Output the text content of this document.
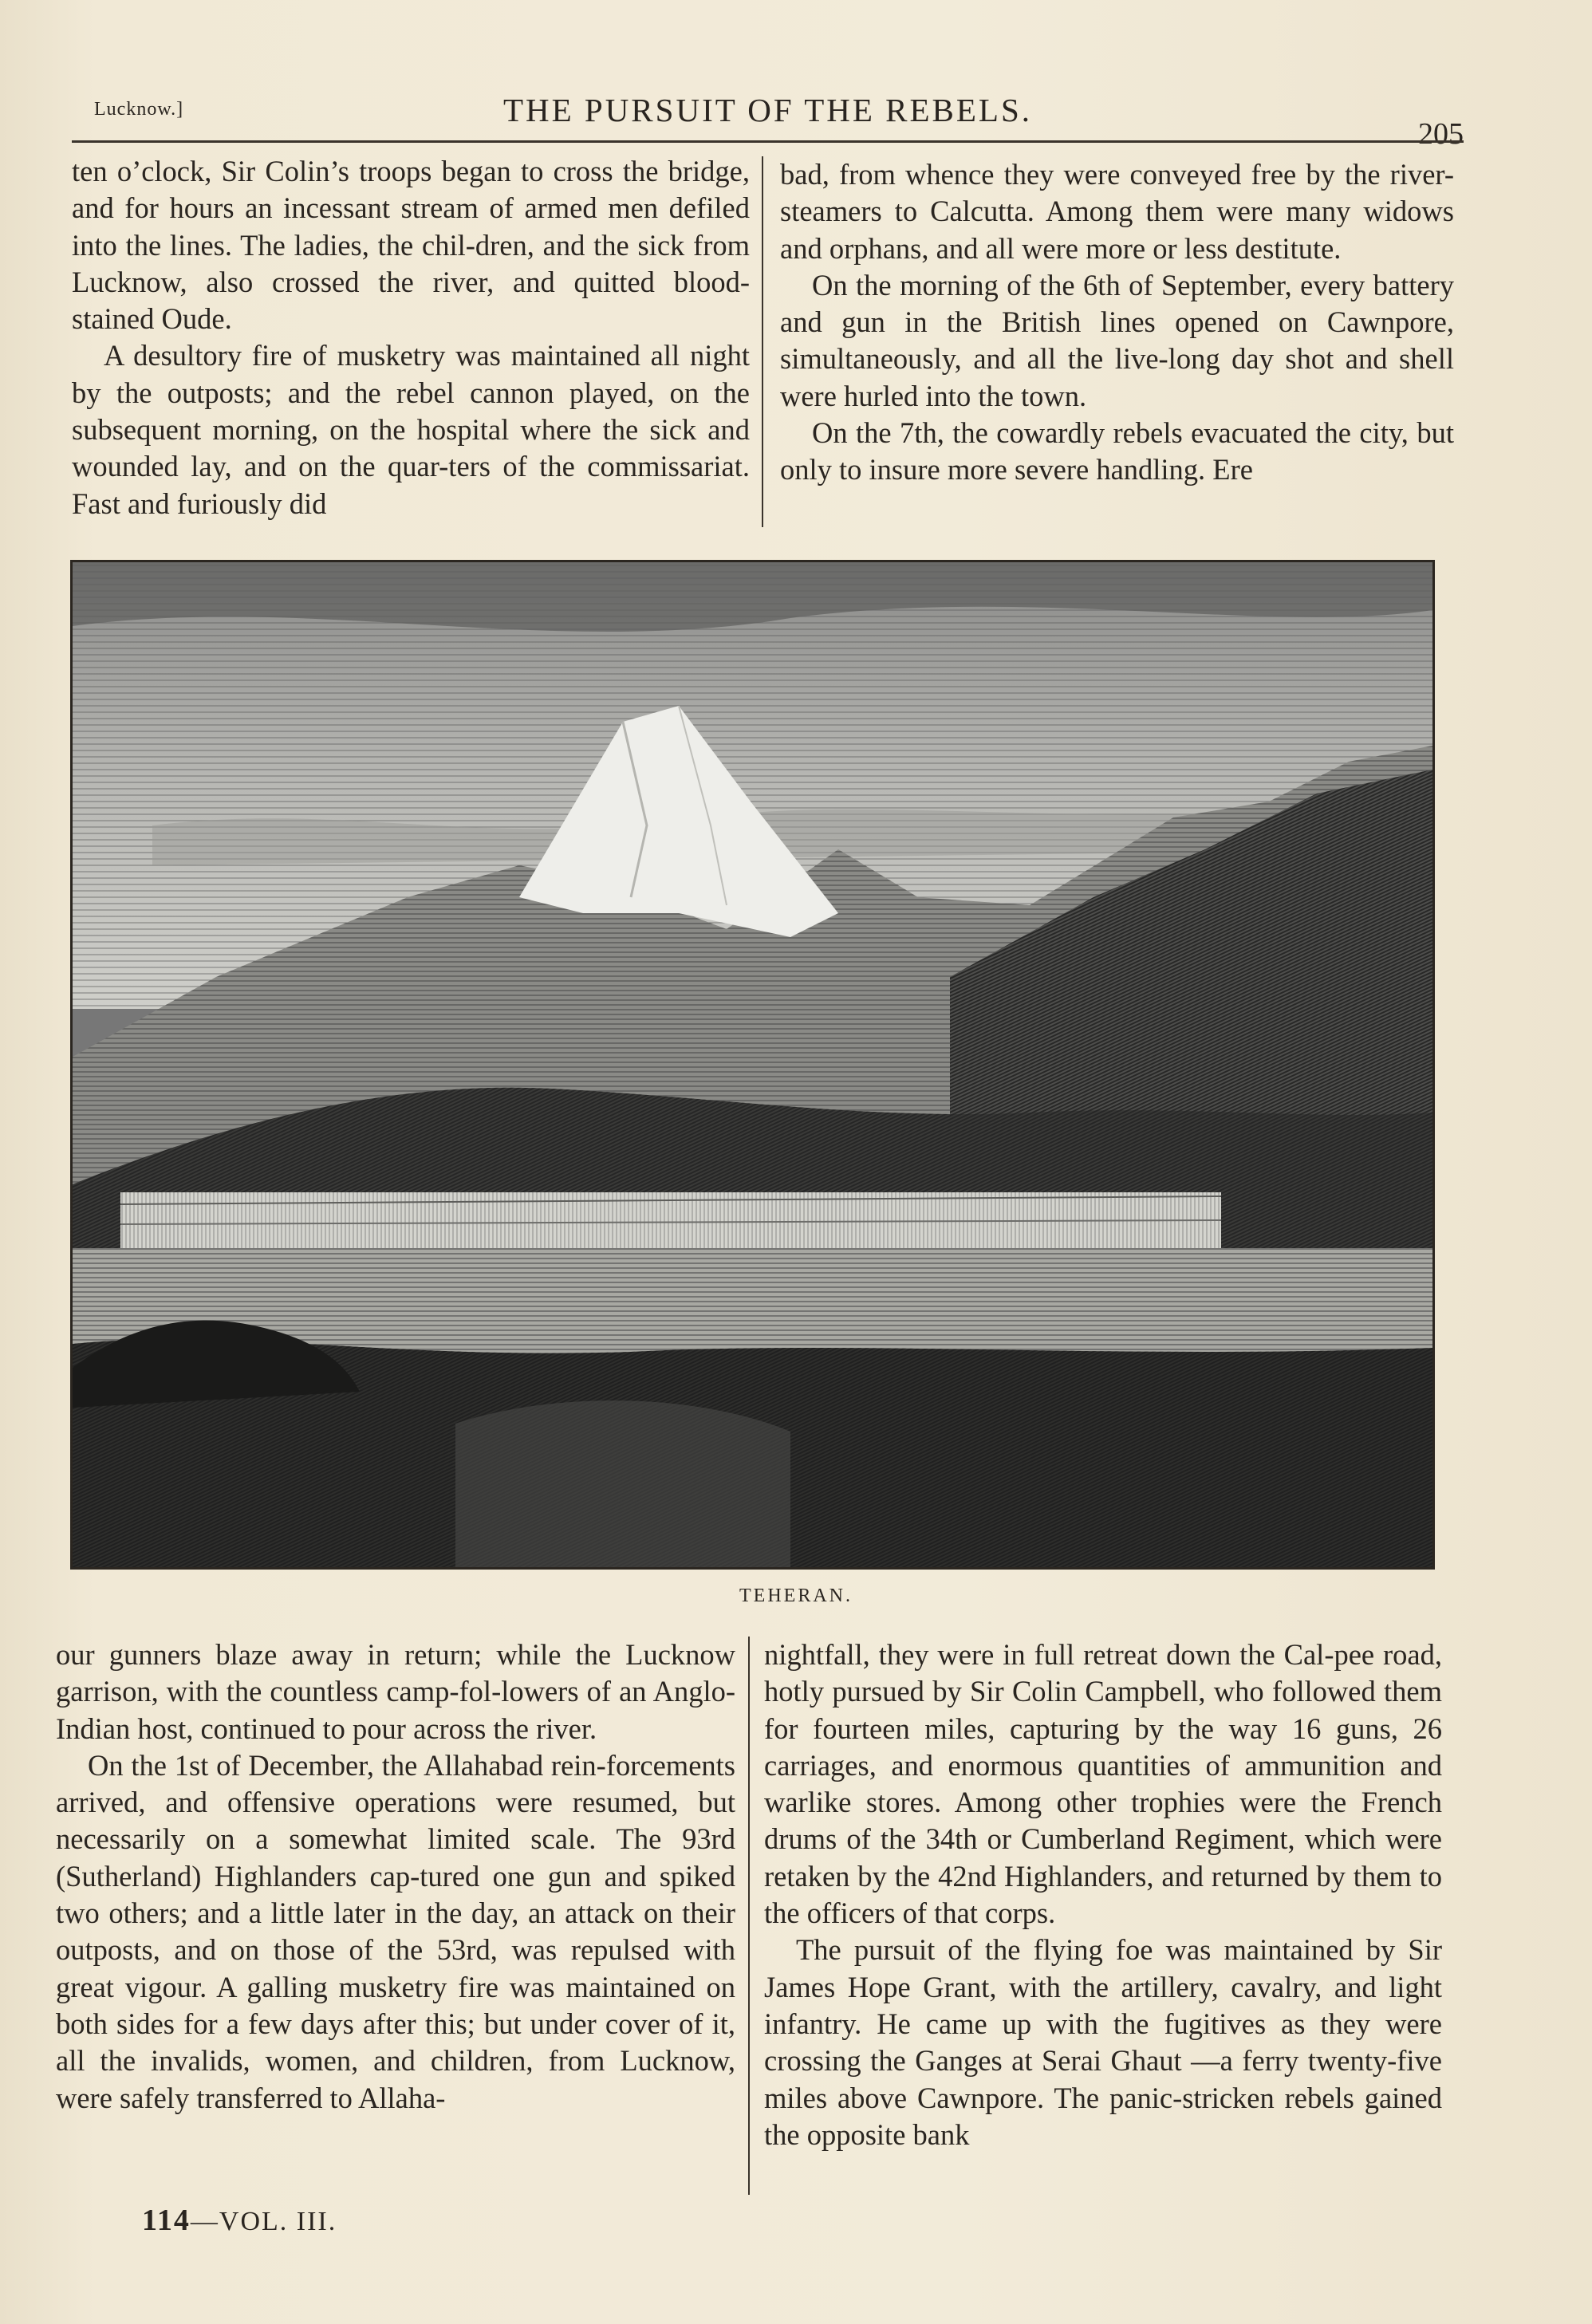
Lucknow.]	THE PURSUIT OF THE REBELS.
205

ten o’clock, Sir Colin’s troops began to cross the bridge, and for hours an incessant stream of armed men defiled into the lines. The ladies, the chil-dren, and the sick from Lucknow, also crossed the river, and quitted blood-stained Oude.

A desultory fire of musketry was maintained all night by the outposts; and the rebel cannon played, on the subsequent morning, on the hospital where the sick and wounded lay, and on the quar-ters of the commissariat. Fast and furiously did

bad, from whence they were conveyed free by the river-steamers to Calcutta. Among them were many widows and orphans, and all were more or less destitute.

On the morning of the 6th of September, every battery and gun in the British lines opened on Cawnpore, simultaneously, and all the live-long day shot and shell were hurled into the town.

On the 7th, the cowardly rebels evacuated the city, but only to insure more severe handling. Ere

TEHERAN.

our gunners blaze away in return; while the Lucknow garrison, with the countless camp-fol-lowers of an Anglo-Indian host, continued to pour across the river.

On the 1st of December, the Allahabad rein-forcements arrived, and offensive operations were resumed, but necessarily on a somewhat limited scale. The 93rd (Sutherland) Highlanders cap-tured one gun and spiked two others; and a little later in the day, an attack on their outposts, and on those of the 53rd, was repulsed with great vigour. A galling musketry fire was maintained on both sides for a few days after this; but under cover of it, all the invalids, women, and children, from Lucknow, were safely transferred to Allaha-

nightfall, they were in full retreat down the Cal-pee road, hotly pursued by Sir Colin Campbell, who followed them for fourteen miles, capturing by the way 16 guns, 26 carriages, and enormous quantities of ammunition and warlike stores. Among other trophies were the French drums of the 34th or Cumberland Regiment, which were retaken by the 42nd Highlanders, and returned by them to the officers of that corps.

The pursuit of the flying foe was maintained by Sir James Hope Grant, with the artillery, cavalry, and light infantry. He came up with the fugitives as they were crossing the Ganges at Serai Ghaut —a ferry twenty-five miles above Cawnpore. The panic-stricken rebels gained the opposite bank

114—VOL. III.
